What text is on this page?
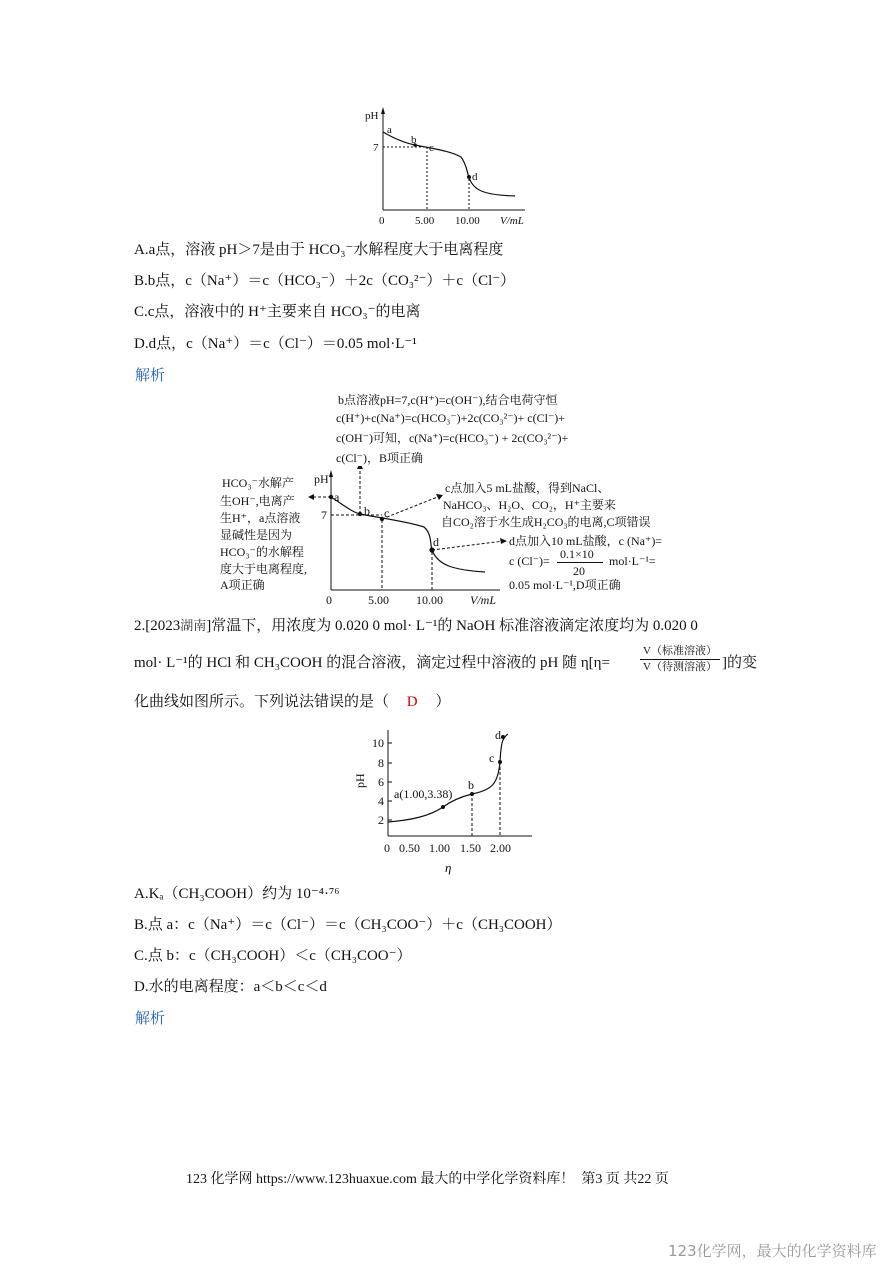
pH
7
a
b
c
d
0	5.00 10.00 V/mL
A.a点，溶液 pH＞7是由于 HCO₃⁻水解程度大于电离程度
B.b点，c（Na⁺）＝c（HCO₃⁻）＋2c（CO₃²⁻）＋c（Cl⁻）
C.c点，溶液中的 H⁺主要来自 HCO₃⁻的电离
D.d点，c（Na⁺）＝c（Cl⁻）＝0.05 mol·L⁻¹
解析
b点溶液pH=7,c(H⁺)=c(OH⁻),结合电荷守恒
c(H⁺)+c(Na⁺)=c(HCO₃⁻)+2c(CO₃²⁻)+ c(Cl⁻)+
c(OH⁻)可知，c(Na⁺)=c(HCO₃⁻) + 2c(CO₃²⁻)+
c(Cl⁻)，B项正确
HCO₃⁻水解产
生OH⁻,电离产
生H⁺，a点溶液
显碱性是因为
HCO₃⁻的水解程
度大于电离程度,
A项正确
c点加入5 mL盐酸，得到NaCl、
NaHCO₃、H₂O、CO₂，H⁺主要来
自CO₂溶于水生成H₂CO₃的电离,C项错误
d点加入10 mL盐酸，c (Na⁺)=
c (Cl⁻)= 0.1×10
20
mol·L⁻¹=
0.05 mol·L⁻¹,D项正确
pH
7
a
b c
d
0	5.00 10.00 V/mL
2.[2023湖南]常温下，用浓度为 0.020 0 mol· L⁻¹的 NaOH 标准溶液滴定浓度均为 0.020 0
mol· L⁻¹的 HCl 和 CH₃COOH 的混合溶液，滴定过程中溶液的 pH 随 η[η=
V（标准溶液）
V（待测溶液） ]的变
化曲线如图所示。下列说法错误的是（ D ）
pH
2
4
6
8
10
a(1.00,3.38)
b
c
d
0 0.50 1.00 1.50 2.00
η
A.Kₐ（CH₃COOH）约为 10⁻⁴·⁷⁶
B.点 a：c（Na⁺）＝c（Cl⁻）＝c（CH₃COO⁻）＋c（CH₃COOH）
C.点 b：c（CH₃COOH）＜c（CH₃COO⁻）
D.水的电离程度：a＜b＜c＜d
解析
123 化学网 https://www.123huaxue.com 最大的中学化学资料库！  第3 页 共22 页
123化学网，最大的化学资料库
